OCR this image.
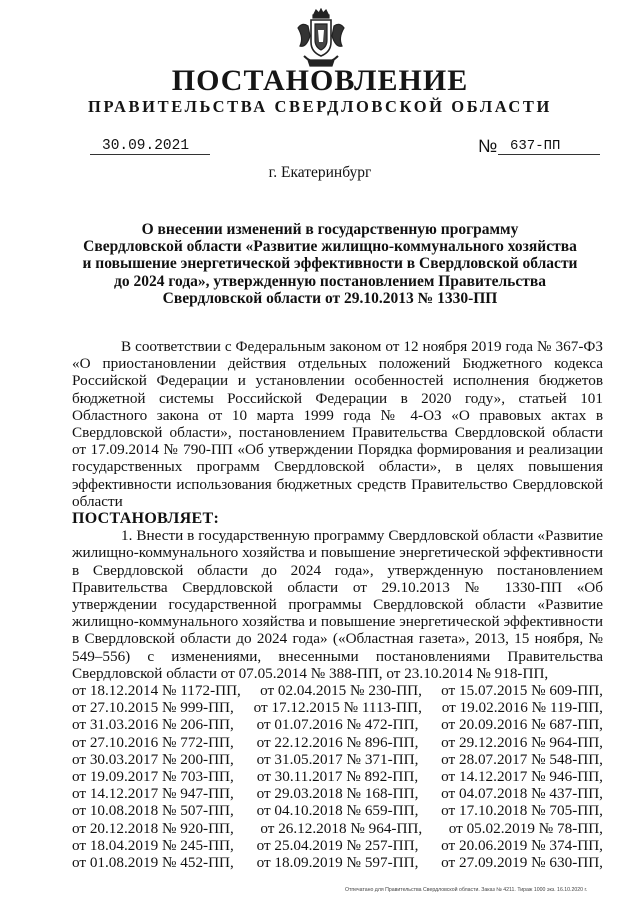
ПОСТАНОВЛЕНИЕ
ПРАВИТЕЛЬСТВА СВЕРДЛОВСКОЙ ОБЛАСТИ
30.09.2021	№ 637-ПП
г. Екатеринбург
О внесении изменений в государственную программу
Свердловской области «Развитие жилищно-коммунального хозяйства
и повышение энергетической эффективности в Свердловской области
до 2024 года», утвержденную постановлением Правительства
Свердловской области от 29.10.2013 № 1330-ПП

В соответствии с Федеральным законом от 12 ноября 2019 года № 367-ФЗ «О приостановлении действия отдельных положений Бюджетного кодекса Российской Федерации и установлении особенностей исполнения бюджетов бюджетной системы Российской Федерации в 2020 году», статьей 101 Областного закона от 10 марта 1999 года № 4-ОЗ «О правовых актах в Свердловской области», постановлением Правительства Свердловской области от 17.09.2014 № 790-ПП «Об утверждении Порядка формирования и реализации государственных программ Свердловской области», в целях повышения эффективности использования бюджетных средств Правительство Свердловской области

ПОСТАНОВЛЯЕТ:

1. Внести в государственную программу Свердловской области «Развитие жилищно-коммунального хозяйства и повышение энергетической эффективности в Свердловской области до 2024 года», утвержденную постановлением Правительства Свердловской области от 29.10.2013 № 1330-ПП «Об утверждении государственной программы Свердловской области «Развитие жилищно-коммунального хозяйства и повышение энергетической эффективности в Свердловской области до 2024 года» («Областная газета», 2013, 15 ноября, № 549–556) с изменениями, внесенными постановлениями Правительства Свердловской области от 07.05.2014 № 388-ПП, от 23.10.2014 № 918-ПП,

от 18.12.2014 № 1172-ПП, от 02.04.2015 № 230-ПП, от 15.07.2015 № 609-ПП,
от 27.10.2015 № 999-ПП, от 17.12.2015 № 1113-ПП, от 19.02.2016 № 119-ПП,
от 31.03.2016 № 206-ПП, от 01.07.2016 № 472-ПП, от 20.09.2016 № 687-ПП,
от 27.10.2016 № 772-ПП, от 22.12.2016 № 896-ПП, от 29.12.2016 № 964-ПП,
от 30.03.2017 № 200-ПП, от 31.05.2017 № 371-ПП, от 28.07.2017 № 548-ПП,
от 19.09.2017 № 703-ПП, от 30.11.2017 № 892-ПП, от 14.12.2017 № 946-ПП,
от 14.12.2017 № 947-ПП, от 29.03.2018 № 168-ПП, от 04.07.2018 № 437-ПП,
от 10.08.2018 № 507-ПП, от 04.10.2018 № 659-ПП, от 17.10.2018 № 705-ПП,
от 20.12.2018 № 920-ПП, от 26.12.2018 № 964-ПП, от 05.02.2019 № 78-ПП,
от 18.04.2019 № 245-ПП, от 25.04.2019 № 257-ПП, от 20.06.2019 № 374-ПП,
от 01.08.2019 № 452-ПП, от 18.09.2019 № 597-ПП, от 27.09.2019 № 630-ПП,
Отпечатано для Правительства Свердловской области. Заказ № 4211. Тираж 1000 экз. 16.10.2020 г.
